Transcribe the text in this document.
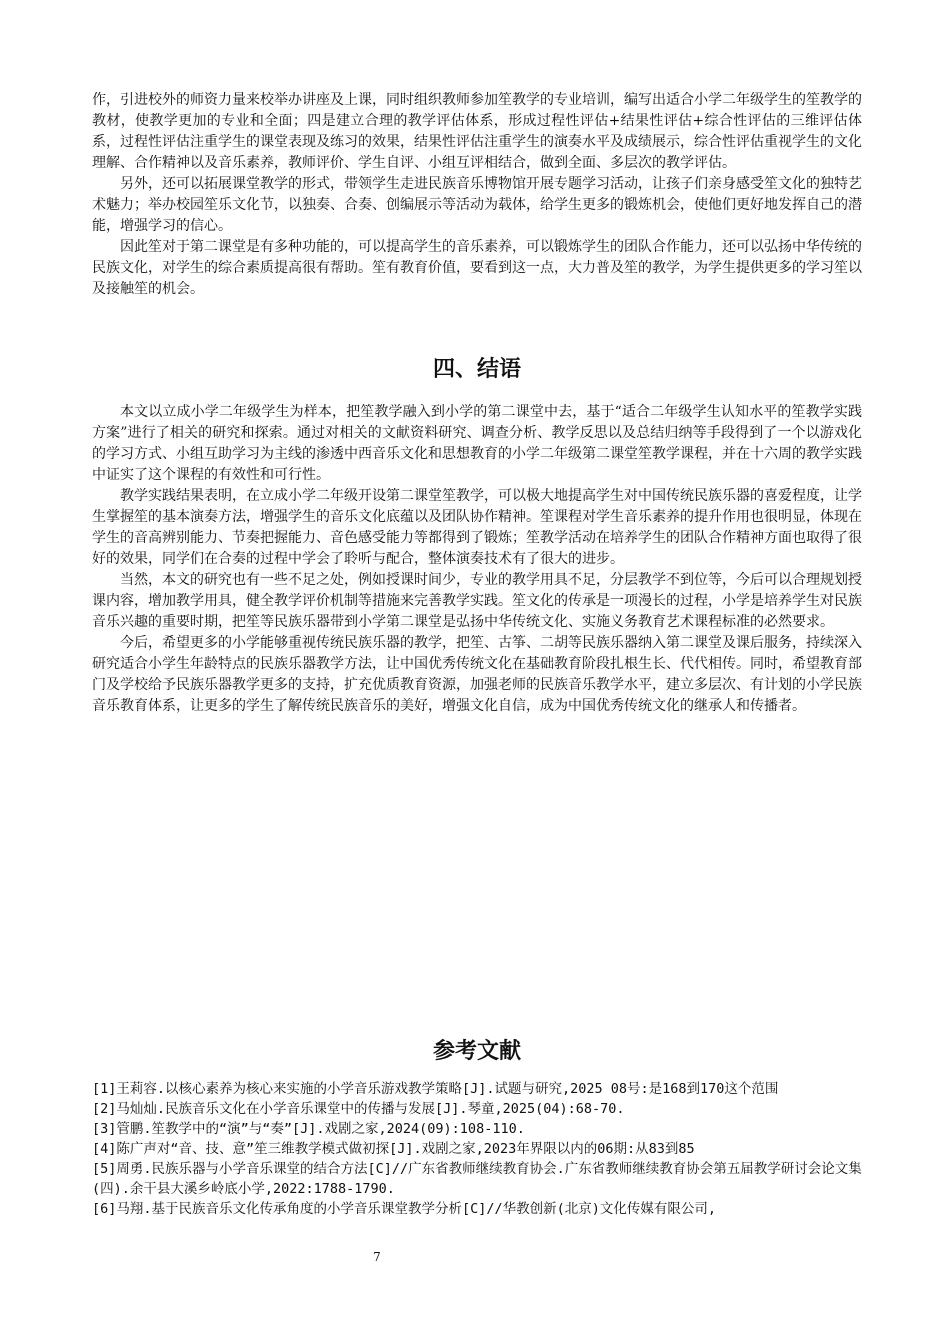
作，引进校外的师资力量来校举办讲座及上课，同时组织教师参加笙教学的专业培训，编写出适合小学二年级学生的笙教学的教材，使教学更加的专业和全面；四是建立合理的教学评估体系，形成过程性评估+结果性评估+综合性评估的三维评估体系，过程性评估注重学生的课堂表现及练习的效果，结果性评估注重学生的演奏水平及成绩展示，综合性评估重视学生的文化理解、合作精神以及音乐素养，教师评价、学生自评、小组互评相结合，做到全面、多层次的教学评估。

另外，还可以拓展课堂教学的形式，带领学生走进民族音乐博物馆开展专题学习活动，让孩子们亲身感受笙文化的独特艺术魅力；举办校园笙乐文化节，以独奏、合奏、创编展示等活动为载体，给学生更多的锻炼机会，使他们更好地发挥自己的潜能，增强学习的信心。

因此笙对于第二课堂是有多种功能的，可以提高学生的音乐素养，可以锻炼学生的团队合作能力，还可以弘扬中华传统的民族文化，对学生的综合素质提高很有帮助。笙有教育价值，要看到这一点，大力普及笙的教学，为学生提供更多的学习笙以及接触笙的机会。

四、结语

本文以立成小学二年级学生为样本，把笙教学融入到小学的第二课堂中去，基于“适合二年级学生认知水平的笙教学实践方案”进行了相关的研究和探索。通过对相关的文献资料研究、调查分析、教学反思以及总结归纳等手段得到了一个以游戏化的学习方式、小组互助学习为主线的渗透中西音乐文化和思想教育的小学二年级第二课堂笙教学课程，并在十六周的教学实践中证实了这个课程的有效性和可行性。

教学实践结果表明，在立成小学二年级开设第二课堂笙教学，可以极大地提高学生对中国传统民族乐器的喜爱程度，让学生掌握笙的基本演奏方法，增强学生的音乐文化底蕴以及团队协作精神。笙课程对学生音乐素养的提升作用也很明显，体现在学生的音高辨别能力、节奏把握能力、音色感受能力等都得到了锻炼；笙教学活动在培养学生的团队合作精神方面也取得了很好的效果，同学们在合奏的过程中学会了聆听与配合，整体演奏技术有了很大的进步。

当然，本文的研究也有一些不足之处，例如授课时间少，专业的教学用具不足，分层教学不到位等，今后可以合理规划授课内容，增加教学用具，健全教学评价机制等措施来完善教学实践。笙文化的传承是一项漫长的过程，小学是培养学生对民族音乐兴趣的重要时期，把笙等民族乐器带到小学第二课堂是弘扬中华传统文化、实施义务教育艺术课程标准的必然要求。

今后，希望更多的小学能够重视传统民族乐器的教学，把笙、古筝、二胡等民族乐器纳入第二课堂及课后服务，持续深入研究适合小学生年龄特点的民族乐器教学方法，让中国优秀传统文化在基础教育阶段扎根生长、代代相传。同时，希望教育部门及学校给予民族乐器教学更多的支持，扩充优质教育资源，加强老师的民族音乐教学水平，建立多层次、有计划的小学民族音乐教育体系，让更多的学生了解传统民族音乐的美好，增强文化自信，成为中国优秀传统文化的继承人和传播者。

参考文献

[1]王莉容.以核心素养为核心来实施的小学音乐游戏教学策略[J].试题与研究,2025 08号:是168到170这个范围

[2]马灿灿.民族音乐文化在小学音乐课堂中的传播与发展[J].琴童,2025(04):68-70.

[3]管鹏.笙教学中的“演”与“奏”[J].戏剧之家,2024(09):108-110.

[4]陈广声对“音、技、意”笙三维教学模式做初探[J].戏剧之家,2023年界限以内的06期:从83到85

[5]周勇.民族乐器与小学音乐课堂的结合方法[C]//广东省教师继续教育协会.广东省教师继续教育协会第五届教学研讨会论文集(四).余干县大溪乡岭底小学,2022:1788-1790.

[6]马翔.基于民族音乐文化传承角度的小学音乐课堂教学分析[C]//华教创新(北京)文化传媒有限公司,

7
